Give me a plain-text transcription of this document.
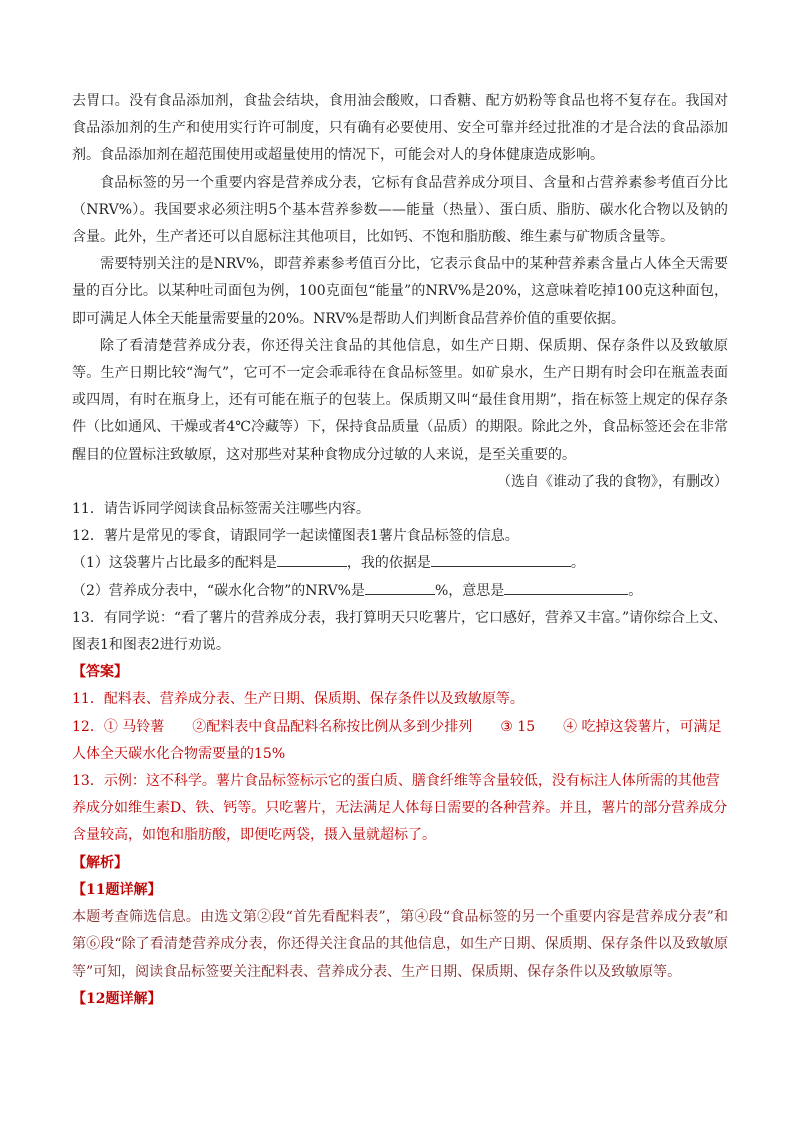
去胃口。没有食品添加剂，食盐会结块，食用油会酸败，口香糖、配方奶粉等食品也将不复存在。我国对食品添加剂的生产和使用实行许可制度，只有确有必要使用、安全可靠并经过批准的才是合法的食品添加剂。食品添加剂在超范围使用或超量使用的情况下，可能会对人的身体健康造成影响。

食品标签的另一个重要内容是营养成分表，它标有食品营养成分项目、含量和占营养素参考值百分比（NRV%）。我国要求必须注明5个基本营养参数——能量（热量）、蛋白质、脂肪、碳水化合物以及钠的含量。此外，生产者还可以自愿标注其他项目，比如钙、不饱和脂肪酸、维生素与矿物质含量等。

需要特别关注的是NRV%，即营养素参考值百分比，它表示食品中的某种营养素含量占人体全天需要量的百分比。以某种吐司面包为例，100克面包“能量”的NRV%是20%，这意味着吃掉100克这种面包，即可满足人体全天能量需要量的20%。NRV%是帮助人们判断食品营养价值的重要依据。

除了看清楚营养成分表，你还得关注食品的其他信息，如生产日期、保质期、保存条件以及致敏原等。生产日期比较“淘气”，它可不一定会乖乖待在食品标签里。如矿泉水，生产日期有时会印在瓶盖表面或四周，有时在瓶身上，还有可能在瓶子的包装上。保质期又叫“最佳食用期”，指在标签上规定的保存条件（比如通风、干燥或者4℃冷藏等）下，保持食品质量（品质）的期限。除此之外，食品标签还会在非常醒目的位置标注致敏原，这对那些对某种食物成分过敏的人来说，是至关重要的。

（选自《谁动了我的食物》，有删改）

11．请告诉同学阅读食品标签需关注哪些内容。

12．薯片是常见的零食，请跟同学一起读懂图表1薯片食品标签的信息。

（1）这袋薯片占比最多的配料是	，我的依据是	。

（2）营养成分表中，“碳水化合物”的NRV%是	%，意思是	。

13．有同学说：“看了薯片的营养成分表，我打算明天只吃薯片，它口感好，营养又丰富。”请你综合上文、图表1和图表2进行劝说。

【答案】

11．配料表、营养成分表、生产日期、保质期、保存条件以及致敏原等。

12．① 马铃薯 ②配料表中食品配料名称按比例从多到少排列 ③ 15 ④ 吃掉这袋薯片，可满足人体全天碳水化合物需要量的15%

13．示例：这不科学。薯片食品标签标示它的蛋白质、膳食纤维等含量较低，没有标注人体所需的其他营养成分如维生素D、铁、钙等。只吃薯片，无法满足人体每日需要的各种营养。并且，薯片的部分营养成分含量较高，如饱和脂肪酸，即便吃两袋，摄入量就超标了。

【解析】

【11题详解】

本题考查筛选信息。由选文第②段“首先看配料表”，第④段“食品标签的另一个重要内容是营养成分表”和第⑥段“除了看清楚营养成分表，你还得关注食品的其他信息，如生产日期、保质期、保存条件以及致敏原等”可知，阅读食品标签要关注配料表、营养成分表、生产日期、保质期、保存条件以及致敏原等。

【12题详解】
